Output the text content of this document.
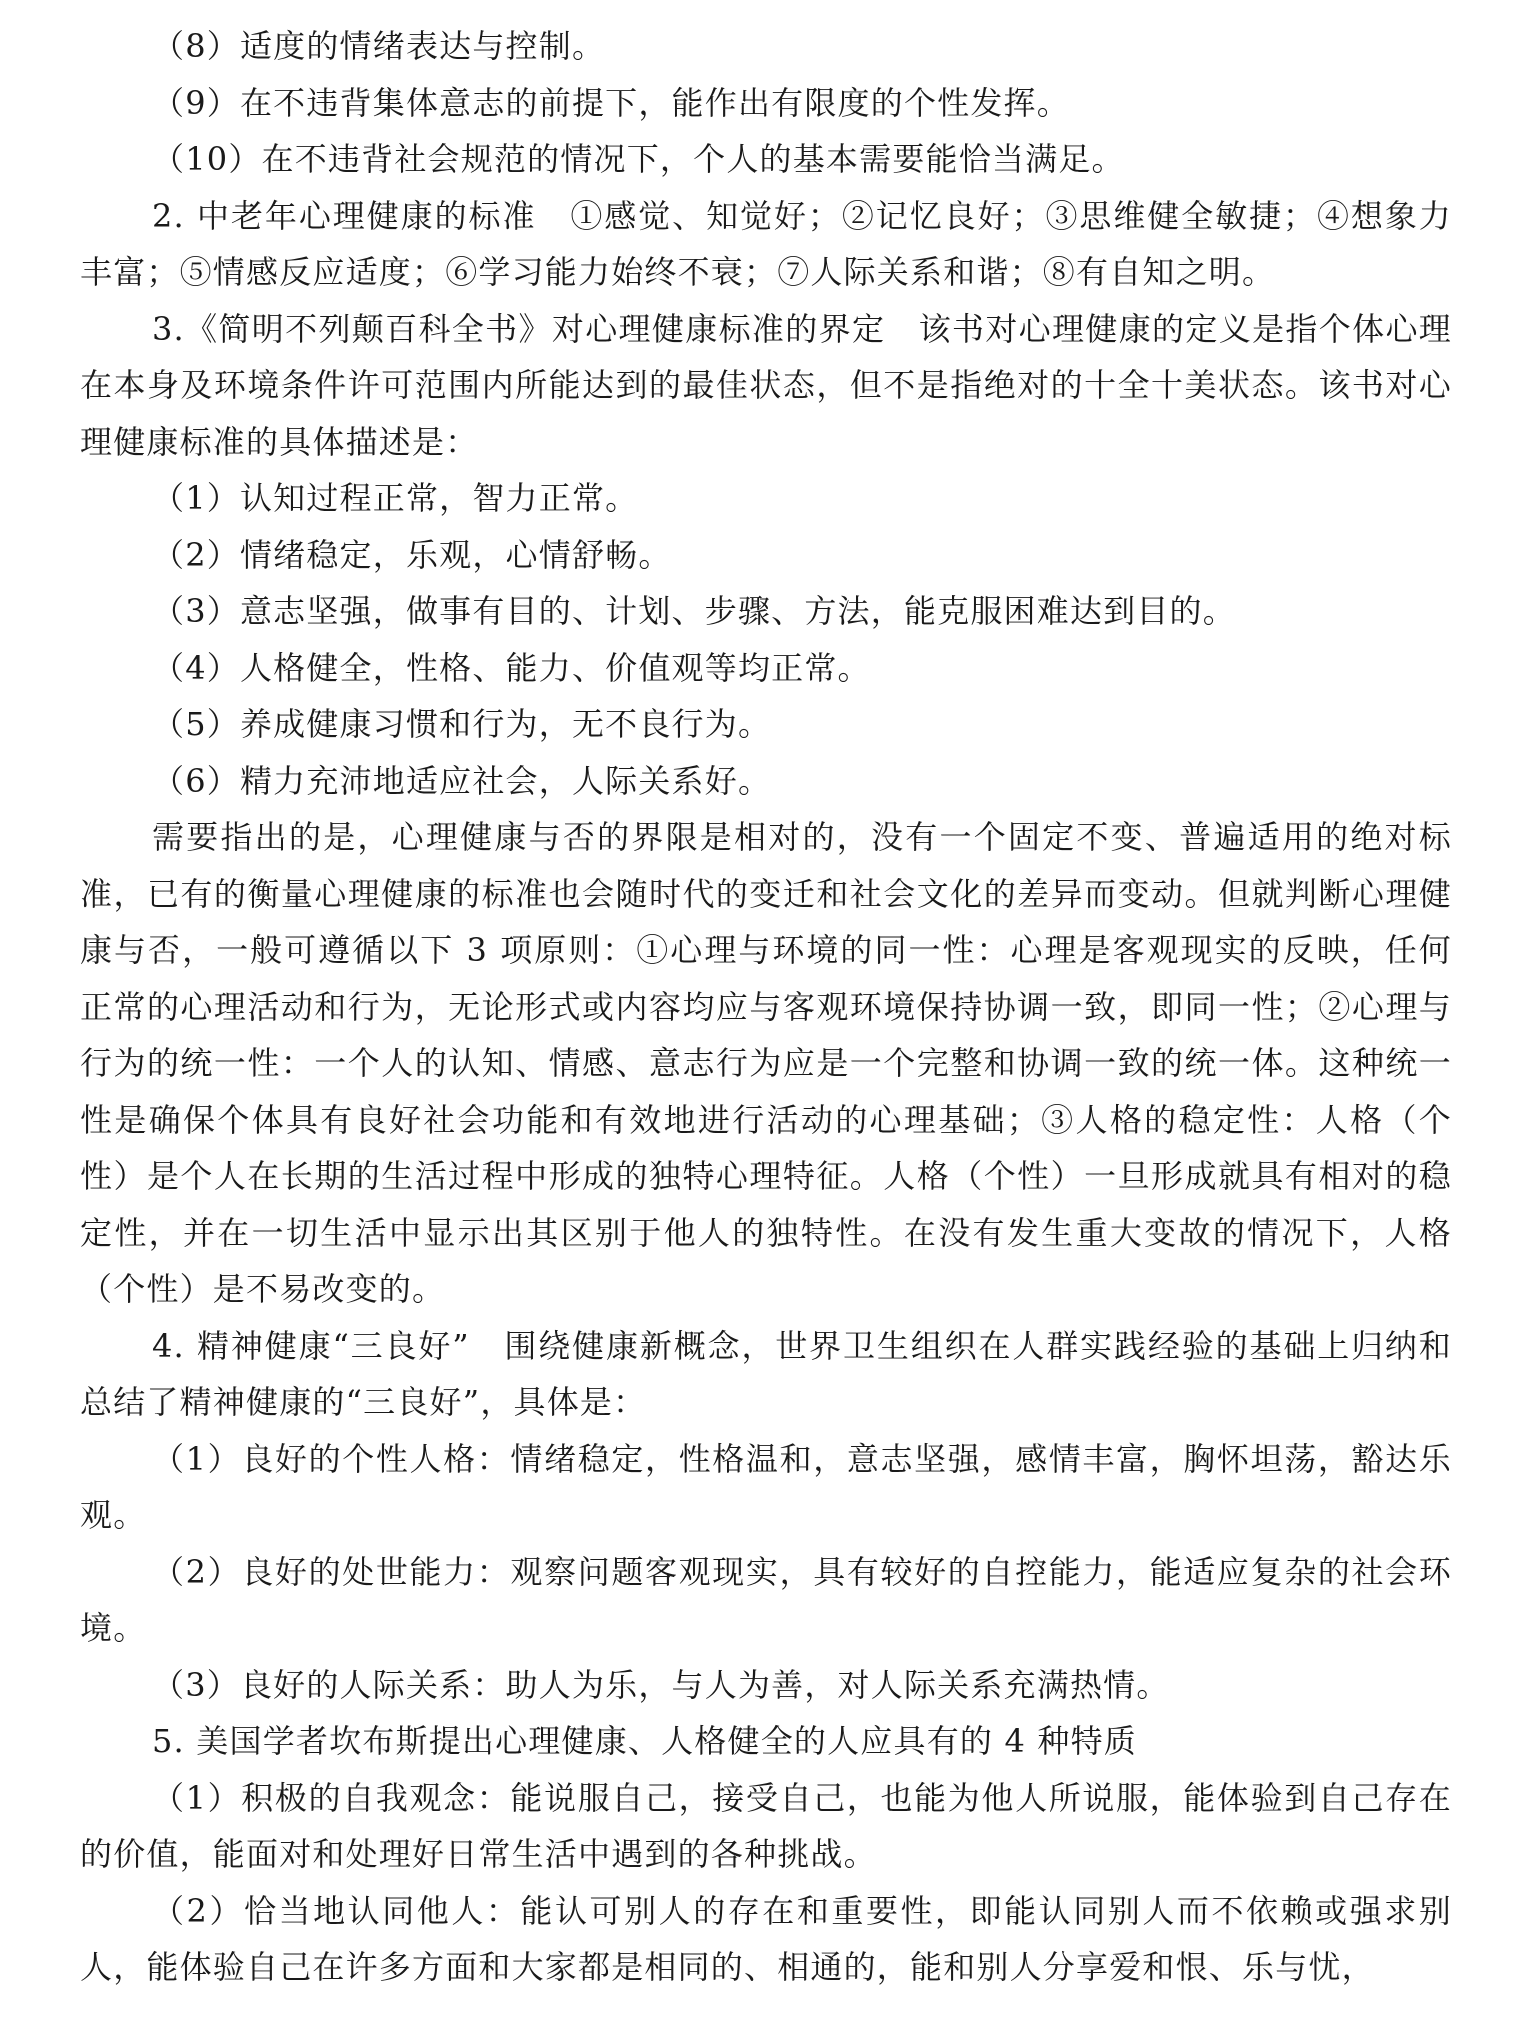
（8）适度的情绪表达与控制。

（9）在不违背集体意志的前提下，能作出有限度的个性发挥。

（10）在不违背社会规范的情况下，个人的基本需要能恰当满足。

2. 中老年心理健康的标准　①感觉、知觉好；②记忆良好；③思维健全敏捷；④想象力丰富；⑤情感反应适度；⑥学习能力始终不衰；⑦人际关系和谐；⑧有自知之明。

3.《简明不列颠百科全书》对心理健康标准的界定　该书对心理健康的定义是指个体心理在本身及环境条件许可范围内所能达到的最佳状态，但不是指绝对的十全十美状态。该书对心理健康标准的具体描述是：

（1）认知过程正常，智力正常。

（2）情绪稳定，乐观，心情舒畅。

（3）意志坚强，做事有目的、计划、步骤、方法，能克服困难达到目的。

（4）人格健全，性格、能力、价值观等均正常。

（5）养成健康习惯和行为，无不良行为。

（6）精力充沛地适应社会，人际关系好。

需要指出的是，心理健康与否的界限是相对的，没有一个固定不变、普遍适用的绝对标准，已有的衡量心理健康的标准也会随时代的变迁和社会文化的差异而变动。但就判断心理健康与否，一般可遵循以下 3 项原则：①心理与环境的同一性：心理是客观现实的反映，任何正常的心理活动和行为，无论形式或内容均应与客观环境保持协调一致，即同一性；②心理与行为的统一性：一个人的认知、情感、意志行为应是一个完整和协调一致的统一体。这种统一性是确保个体具有良好社会功能和有效地进行活动的心理基础；③人格的稳定性：人格（个性）是个人在长期的生活过程中形成的独特心理特征。人格（个性）一旦形成就具有相对的稳定性，并在一切生活中显示出其区别于他人的独特性。在没有发生重大变故的情况下，人格（个性）是不易改变的。

4. 精神健康“三良好”　围绕健康新概念，世界卫生组织在人群实践经验的基础上归纳和总结了精神健康的“三良好”，具体是：

（1）良好的个性人格：情绪稳定，性格温和，意志坚强，感情丰富，胸怀坦荡，豁达乐观。

（2）良好的处世能力：观察问题客观现实，具有较好的自控能力，能适应复杂的社会环境。

（3）良好的人际关系：助人为乐，与人为善，对人际关系充满热情。

5. 美国学者坎布斯提出心理健康、人格健全的人应具有的 4 种特质

（1）积极的自我观念：能说服自己，接受自己，也能为他人所说服，能体验到自己存在的价值，能面对和处理好日常生活中遇到的各种挑战。

（2）恰当地认同他人：能认可别人的存在和重要性，即能认同别人而不依赖或强求别人，能体验自己在许多方面和大家都是相同的、相通的，能和别人分享爱和恨、乐与忧，
